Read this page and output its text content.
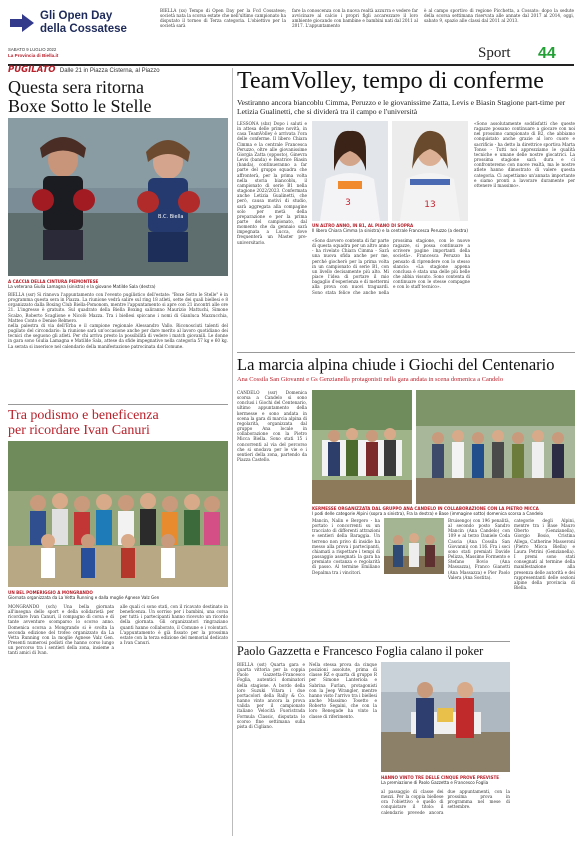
Gli Open Day
della Cossatese
BIELLA (xs) Tempo di Open Day per la Fcd Cossatese; società nata la scorsa estate che nell'ultimo campionato ha disputato il torneo di Terza categoria. L'obiettivo per la società sarà
fare la conoscenza con la nuova realtà azzurra e vedere far avvicinare al calcio i propri figli accarezzare il loro ambiente giocando con bambine e bambini nati dal 2011 al 2017. L'appuntamento
è al campo sportivo di regione Picchetta, a Cossato: dopo la sedute della scorsa settimana riservata alle annate dal 2017 al 2014, oggi, sabato 9, spazio alle classi dal 2011 al 2013.
SABATO 9 LUGLIO 2022
La Provincia di Biella.it	Sport 44
PUGILATO Dalle 21 in Piazza Cisterna, al Piazzo
Questa sera ritorna
Boxe Sotto le Stelle
B.C. Biella
A CACCIA DELLA CINTURA PIEMONTESE
La veterana Giulia Lamagna (sinistra) e la giovane Matilde Sala (destra)

BIELLA (ssr) Si rinnova l'appuntamento con l'evento pugilistico dell'estate: "Boxe Sotto le Stelle" è in programma questa sera in Piazza. La riunione vedrà salire sul ring 18 atleti, sette dei quali biellesi e 8 organizzato dalla Boxing Club Biella-Pomonom, mentre l'appuntamento si apre con 21 incontri alle ore 21. L'ingresso è gratuito. Sul quadrato della Biella Boxing saliranno Maurizio Mattuchi, Simone Scalzo, Roberto Scaglione e Nicolò Mazza. Tra i biellesi spiccano i nomi di Gianluca Mazzucchia, Matteo Conto e Denise Relmero.

nella palestra di via dell'Erba e il campione regionale Alessandro Vallo. Riconosciuti talenti del pugilato del circondario: la riunione sarà un'occasione anche per dare merito al lavoro quotidiano dei tecnici che seguono gli atleti. Per chi arriva presto la possibilità di vedere i match giovanili. Le donne in gara sono Giulia Lamagna e Matilde Sala, attese da sfide impegnative nella categoria 57 kg e 60 kg. La serata si inserisce nel calendario della manifestazione patrocinata dal Comune.

Tra podismo e beneficenza
per ricordare Ivan Canuri
UN BEL POMERIGGIO A MONGRANDO
Giornata organizzata da La Vetta Running e dalla moglie Agnese Valz Gen
MONGRANDO (sch) Una bella giornata all'insegna dello sport e della solidarietà per ricordare Ivan Canuri, il compagno di corsa e di tante avventure scomparso lo scorso anno. Domenica scorsa a Mongrando si è svolta la seconda edizione del trofeo organizzato da La Vetta Running con la moglie Agnese Valz Gen. Presenti numerosi podisti che hanno corso lungo un percorso tra i sentieri della zona, insieme a tanti amici di Ivan.
alle quali ci sono stati, con il ricavato destinato in beneficenza. Un sorriso per i bambini, una corsa per tutti: i partecipanti hanno ricevuto un ricordo della giornata. Gli organizzatori ringraziano quanti hanno collaborato, il Comune e i volontari. L'appuntamento è già fissato per la prossima estate con la terza edizione del memorial dedicato a Ivan Canuri.
TeamVolley, tempo di conferme
Vestiranno ancora biancoblu Cimma, Peruzzo e le giovanissime Zatta, Levis e Biasin Stagione part-time per Letizia Gualinetti, che si dividerà tra il campo e l'università
LESSONA (sbz) Dopo i saluti e in attesa delle prime novità, in casa TeamVolley è arrivata l'ora delle conferme. Il libero Chiara Cimma e la centrale Francesca Peruzzo, oltre alle giovanissime Giorgia Zatta (opposto), Ginevra Levis (banda) e Beatrice Biasin (banda), continueranno a far parte del gruppo squadra che affronterà, per la prima volta nella storia biancoblu, il campionato di serie B1 nella stagione 2022/2023. Confermata anche Letizia Gualinetti, che però, causa motivi di studio, sarà aggregata alla compagine solo per metà della preparazione e per la prima parte del campionato, dal momento che da gennaio sarà impegnata a Lucca, dove frequenterà un Master pre-universitario.
3	13
UN ALTRO ANNO, IN B1, AL PIANO DI SOPRA
Il libero Chiara Cimma (a sinistra) e la centrale Francesca Peruzzo (a destra)
«Sono davvero contenta di far parte di questa squadra per un altro anno - ha rivelato Chiara Cimma - Sarà una nuova sfida anche per me, perché giocherò per la prima volta in un campionato di serie B1, con un livello decisamente più alto. Mi piace l'idea di portare il mio bagaglio d'esperienza e di mettermi alla prova con nuovi traguardi. Sono stata felice che anche nella prossima stagione, con le nuove ragazze, si possa continuare a scrivere pagine importanti della società». Francesca Peruzzo ha pensato di riprendere con lo stesso slancio: «La stagione appena conclusa è stata una delle più belle che abbia vissuto. Sono contenta di continuare con le stesse compagne e con lo staff tecnico».
«Sono assolutamente soddisfatti che queste ragazze possano continuare a giocare con noi nel prossimo campionato di B2, che abbiamo conquistato anche grazie al loro cuore e sacrificio - ha detto la direttrice sportiva Marta Tonso - Tutti noi apprezziamo le qualità tecniche e umane delle nostre giocatrici. La prossima stagione sarà dura e ci confronteremo con nuove realtà, ma le nostre atlete hanno dimostrato di valere questa categoria. Ci aspettiamo un'annata importante e siamo pronti a lavorare duramente per ottenere il massimo».
La marcia alpina chiude i Giochi del Centenario
Ana Cossila San Giovanni e Gs Genzianella protagonisti nella gara andata in scena domenica a Candelo
CANDELO (ssr) Domenica scorsa a Candelo si sono conclusi i Giochi del Centenario, ultimo appuntamento della kermesse e sono andata in scena la gara di marcia alpina di regolarità, organizzata dal gruppo Ana locale in collaborazione con la Pietro Micca Biella. Sono stati 15 i concorrenti al via del percorso che si snodava per le vie e i sentieri della zona, partendo da Piazza Castello.
KERMESSE ORGANIZZATA DAL GRUPPO ANA CANDELO IN COLLABORAZIONE CON LA PIETRO MICCA
I podi delle categorie Alpini (sopra a sinistra), Fra la destra) e Base (immagine sotto) domenica scorsa a Candelo
Mancin, Nalin e Bergero - ha portato i concorrenti su un tracciato di differenti attrazioni e sentieri della Baraggia. Un terreno non privo di insidie ha messo alla prova i partecipanti, chiamati a rispettare i tempi di passaggio assegnati: la gara ha premiato costanza e regolarità di passo. Al termine Emiliano Depalma tra i vincitori.
Bruisengo) con 196 penalità, al secondo posto Sandro Mancin (Ana Candelo) con 109 e al terzo Daniele Coda Cascia (Ana Cossila San Giovanni) con 116. Fra i soci sono stati premiati Davide Pelizza, Massimo Formento e Stefano Bovio (Ana Massazza), Franco Gianotti (Ana Massazza) e Pier Paolo Valera (Ana Sostita).
categorie degli Alpini, mentre tra i Base Mauro Oberto (Genzianella), Giorgio Bosio, Cristina Allega, Catherine Masseroni (Pietro Micca Biella) e Laura Petrini (Genzianella). I premi sono stati consegnati al termine della manifestazione alla presenza delle autorità e dei rappresentanti delle sezioni alpine della provincia di Biella.
Paolo Gazzetta e Francesco Foglia calano il poker
BIELLA (sst) Quarta gara e quarta vittoria per la coppia Paolo Gazzetta-Francesco Foglia, autentici dominatori della stagione. A bordo della loro Suzuki Vitara i due portacolori della Rally & Co. hanno vinto ancora la prova valida per il campionato italiano Velocità Fuoristrada Formula Classic, disputata lo scorso fine settimana sulla pista di Cigliano.
Nella stessa prova da cinque posizioni assolute, prima di classe RZ e quarta di gruppo R per Simone Lanteriola e Sabrina Furlan, protagonisti con la Jeep Wrangler, mentre hanno visto l'arrivo tra i biellesi anche Massimo Tosetto e Roberto Segaini, che con la loro Renegade ha vinto la classe di riferimento.
HANNO VINTO TRE DELLE CINQUE PROVE PREVISTE
La premiazione di Paolo Gazzetta e Francesco Foglia
al passaggio di classe dei mezzi. Per la coppia biellese ora l'obiettivo è quello di conquistare il titolo: il calendario prevede ancora due appuntamenti, con la prossima prova in programma nel mese di settembre.
